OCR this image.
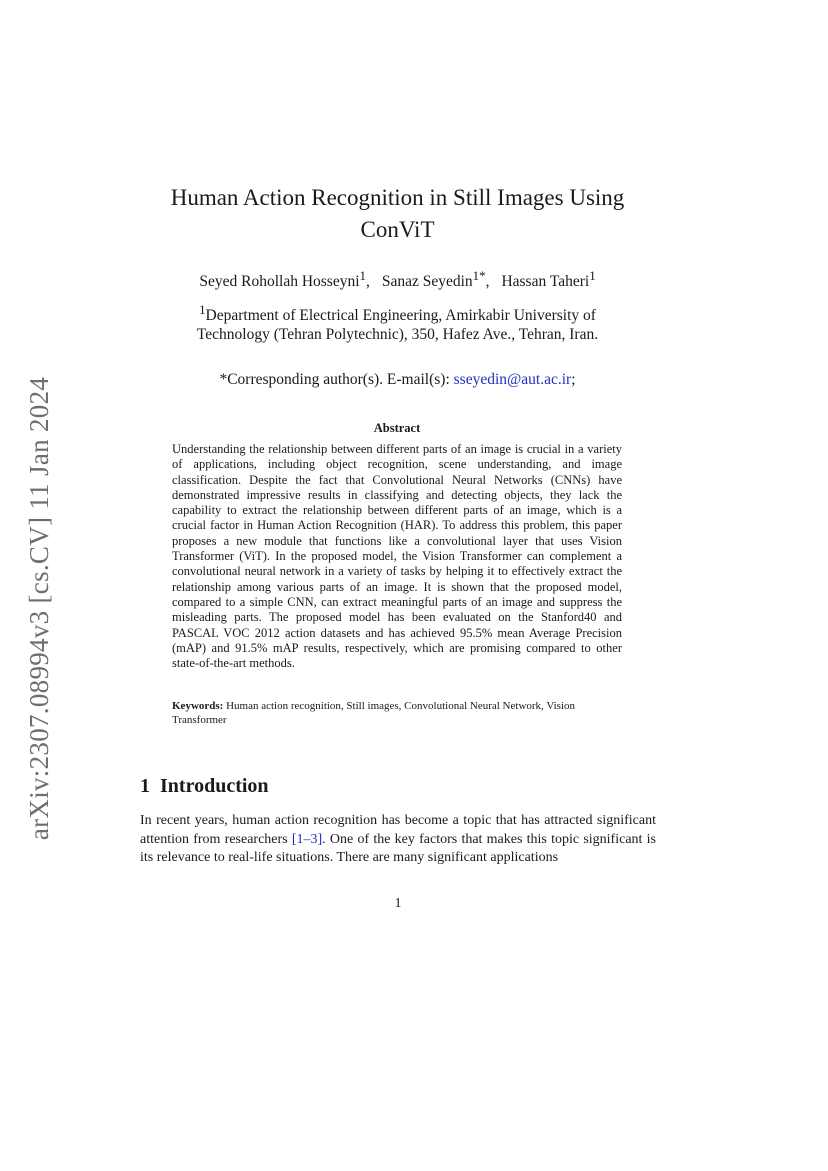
arXiv:2307.08994v3 [cs.CV] 11 Jan 2024
Human Action Recognition in Still Images Using
ConViT
Seyed Rohollah Hosseyni$^1$, Sanaz Seyedin$^{1*}$, Hassan Taheri$^1$
$^1$Department of Electrical Engineering, Amirkabir University of
Technology (Tehran Polytechnic), 350, Hafez Ave., Tehran, Iran.
*Corresponding author(s). E-mail(s): sseyedin@aut.ac.ir;
Abstract

Understanding the relationship between different parts of an image is crucial in a variety of applications, including object recognition, scene understanding, and image classification. Despite the fact that Convolutional Neural Networks (CNNs) have demonstrated impressive results in classifying and detecting objects, they lack the capability to extract the relationship between different parts of an image, which is a crucial factor in Human Action Recognition (HAR). To address this problem, this paper proposes a new module that functions like a convolutional layer that uses Vision Transformer (ViT). In the proposed model, the Vision Transformer can complement a convolutional neural network in a variety of tasks by helping it to effectively extract the relationship among various parts of an image. It is shown that the proposed model, compared to a simple CNN, can extract meaningful parts of an image and suppress the misleading parts. The proposed model has been evaluated on the Stanford40 and PASCAL VOC 2012 action datasets and has achieved 95.5% mean Average Precision (mAP) and 91.5% mAP results, respectively, which are promising compared to other state-of-the-art methods.

Keywords: Human action recognition, Still images, Convolutional Neural Network, Vision Transformer

1 Introduction

In recent years, human action recognition has become a topic that has attracted significant attention from researchers [1–3]. One of the key factors that makes this topic significant is its relevance to real-life situations. There are many significant applications

1
